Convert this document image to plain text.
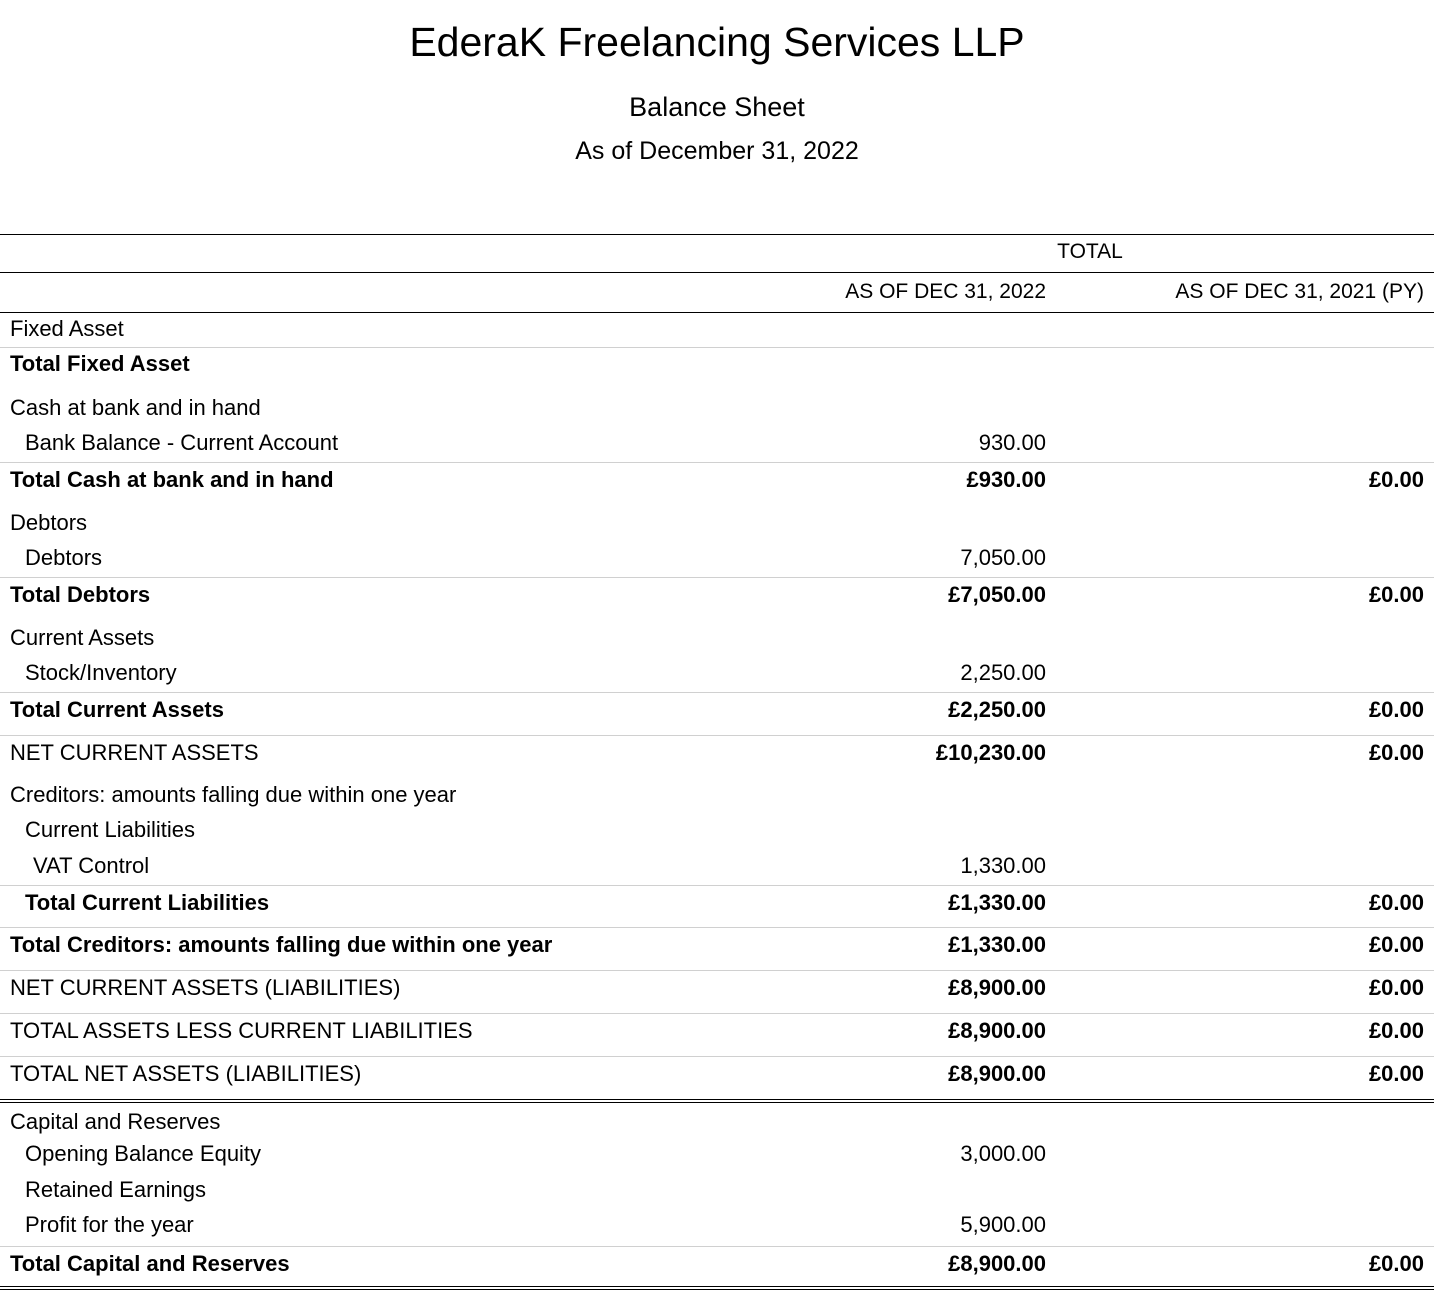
EderaK Freelancing Services LLP
Balance Sheet
As of December 31, 2022
TOTAL
AS OF DEC 31, 2022	AS OF DEC 31, 2021 (PY)
Fixed Asset
Total Fixed Asset
Cash at bank and in hand
Bank Balance - Current Account	930.00
Total Cash at bank and in hand	£930.00	£0.00
Debtors
Debtors	7,050.00
Total Debtors	£7,050.00	£0.00
Current Assets
Stock/Inventory	2,250.00
Total Current Assets	£2,250.00	£0.00
NET CURRENT ASSETS	£10,230.00	£0.00
Creditors: amounts falling due within one year
Current Liabilities
VAT Control	1,330.00
Total Current Liabilities	£1,330.00	£0.00
Total Creditors: amounts falling due within one year	£1,330.00	£0.00
NET CURRENT ASSETS (LIABILITIES)	£8,900.00	£0.00
TOTAL ASSETS LESS CURRENT LIABILITIES	£8,900.00	£0.00
TOTAL NET ASSETS (LIABILITIES)	£8,900.00	£0.00
Capital and Reserves
Opening Balance Equity	3,000.00
Retained Earnings
Profit for the year	5,900.00
Total Capital and Reserves	£8,900.00	£0.00
